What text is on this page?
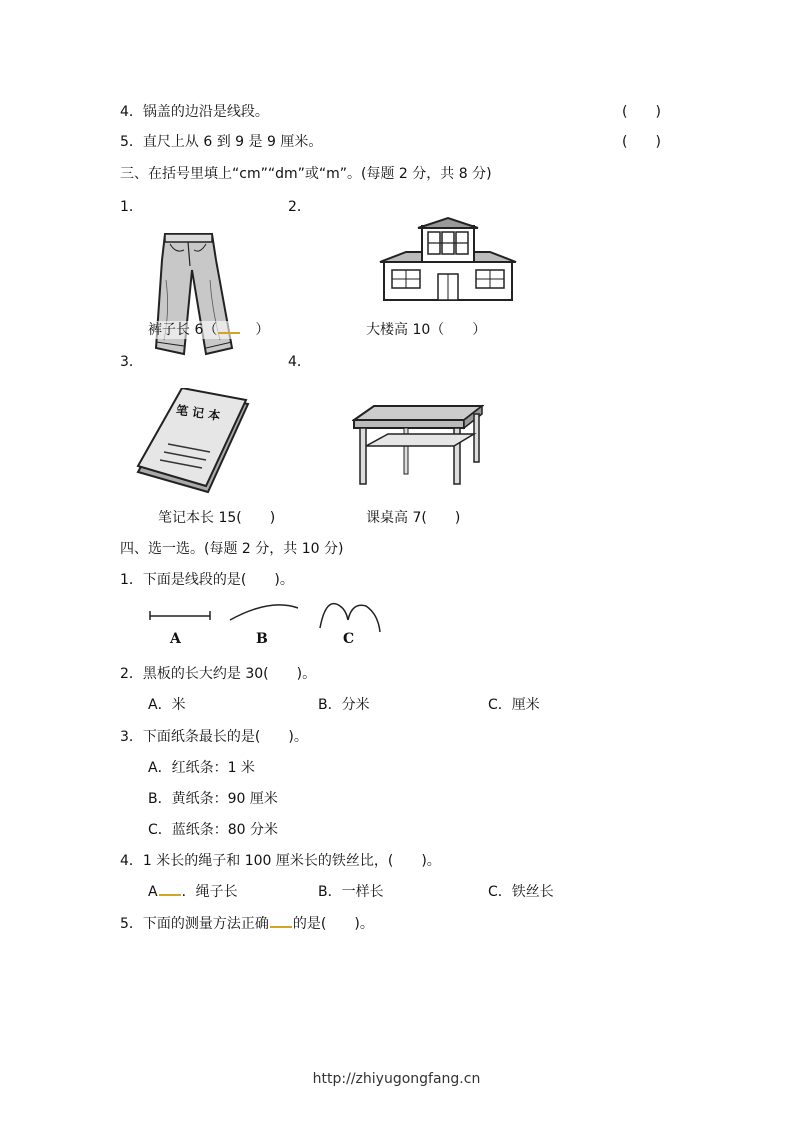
4．锅盖的边沿是线段。	(　　)
5．直尺上从 6 到 9 是 9 厘米。	(　　)
三、在括号里填上“cm”“dm”或“m”。(每题 2 分，共 8 分)
1．	2．
裤子长 6（　）	大楼高 10（　　）
3．	4．
笔 记 本
笔记本长 15(　　)	课桌高 7(　　)
四、选一选。(每题 2 分，共 10 分)
1．下面是线段的是(　　)。
A	B	C
2．黑板的长大约是 30(　　)。
A．米	B．分米	C．厘米
3．下面纸条最长的是(　　)。
A．红纸条：1 米
B．黄纸条：90 厘米
C．蓝纸条：80 分米
4．1 米长的绳子和 100 厘米长的铁丝比，(　　)。
A ．绳子长	B．一样长	C．铁丝长
5．下面的测量方法正确 的是(　　)。
http://zhiyugongfang.cn
